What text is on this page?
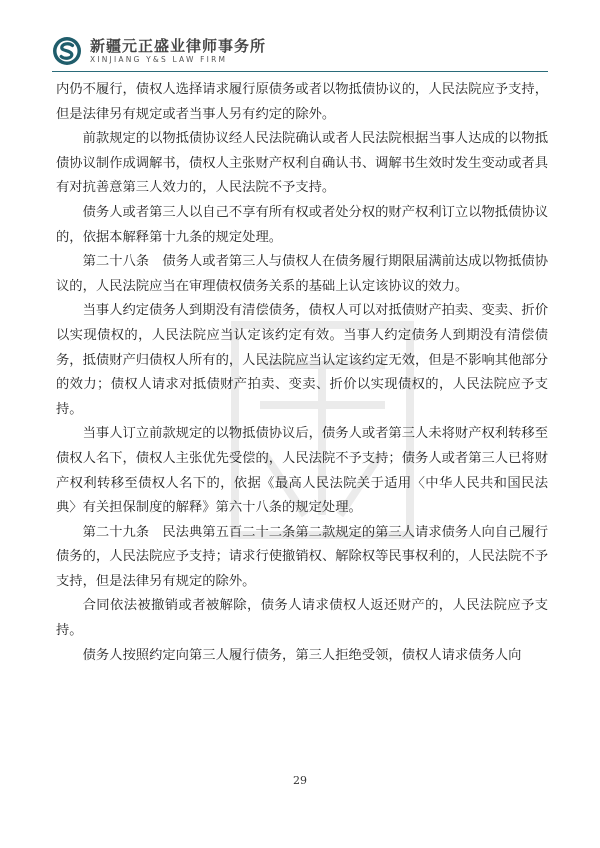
新疆元正盛业律师事务所
XINJIANG Y&S LAW FIRM

内仍不履行，债权人选择请求履行原债务或者以物抵债协议的，人民法院应予支持，但是法律另有规定或者当事人另有约定的除外。

前款规定的以物抵债协议经人民法院确认或者人民法院根据当事人达成的以物抵债协议制作成调解书，债权人主张财产权利自确认书、调解书生效时发生变动或者具有对抗善意第三人效力的，人民法院不予支持。

债务人或者第三人以自己不享有所有权或者处分权的财产权利订立以物抵债协议的，依据本解释第十九条的规定处理。

第二十八条　债务人或者第三人与债权人在债务履行期限届满前达成以物抵债协议的，人民法院应当在审理债权债务关系的基础上认定该协议的效力。

当事人约定债务人到期没有清偿债务，债权人可以对抵债财产拍卖、变卖、折价以实现债权的，人民法院应当认定该约定有效。当事人约定债务人到期没有清偿债务，抵债财产归债权人所有的，人民法院应当认定该约定无效，但是不影响其他部分的效力；债权人请求对抵债财产拍卖、变卖、折价以实现债权的，人民法院应予支持。

当事人订立前款规定的以物抵债协议后，债务人或者第三人未将财产权利转移至债权人名下，债权人主张优先受偿的，人民法院不予支持；债务人或者第三人已将财产权利转移至债权人名下的，依据《最高人民法院关于适用〈中华人民共和国民法典〉有关担保制度的解释》第六十八条的规定处理。

第二十九条　民法典第五百二十二条第二款规定的第三人请求债务人向自己履行债务的，人民法院应予支持；请求行使撤销权、解除权等民事权利的，人民法院不予支持，但是法律另有规定的除外。

合同依法被撤销或者被解除，债务人请求债权人返还财产的，人民法院应予支持。

债务人按照约定向第三人履行债务，第三人拒绝受领，债权人请求债务人向

29
